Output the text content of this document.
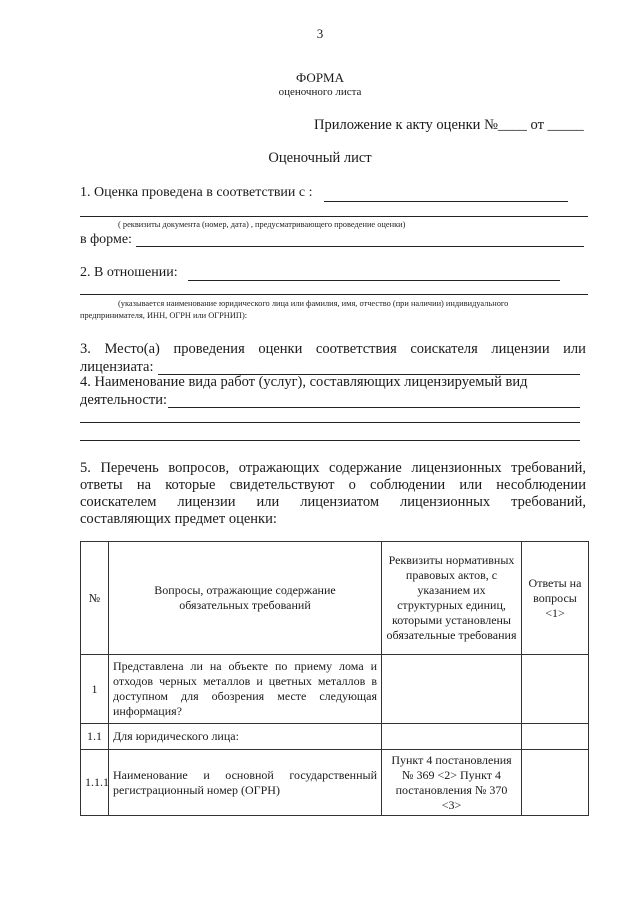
3
ФОРМА
оценочного листа
Приложение к акту оценки №____ от _____
Оценочный лист
1. Оценка проведена в соответствии с :
( реквизиты документа (номер, дата) , предусматривающего проведение оценки)
в форме:
2. В отношении:
(указывается наименование юридического лица или фамилия, имя, отчество (при наличии) индивидуального
предпринимателя, ИНН, ОГРН или ОГРНИП):
3. Место(а) проведения оценки соответствия соискателя лицензии или
лицензиата:
4. Наименование вида работ (услуг), составляющих лицензируемый вид
деятельности:
5. Перечень вопросов, отражающих содержание лицензионных требований,
ответы на которые свидетельствуют о соблюдении или несоблюдении
соискателем лицензии или лицензиатом лицензионных требований,
составляющих предмет оценки:
№	Вопросы, отражающие содержание обязательных требований	Реквизиты нормативных правовых актов, с указанием их структурных единиц, которыми установлены обязательные требования	Ответы на вопросы <1>
1	Представлена ли на объекте по приему лома и отходов черных металлов и цветных металлов в доступном для обозрения месте следующая информация?		
1.1	Для юридического лица:		
1.1.1	Наименование и основной государственный регистрационный номер (ОГРН)	Пункт 4 постановления № 369 <2> Пункт 4 постановления № 370 <3>	
